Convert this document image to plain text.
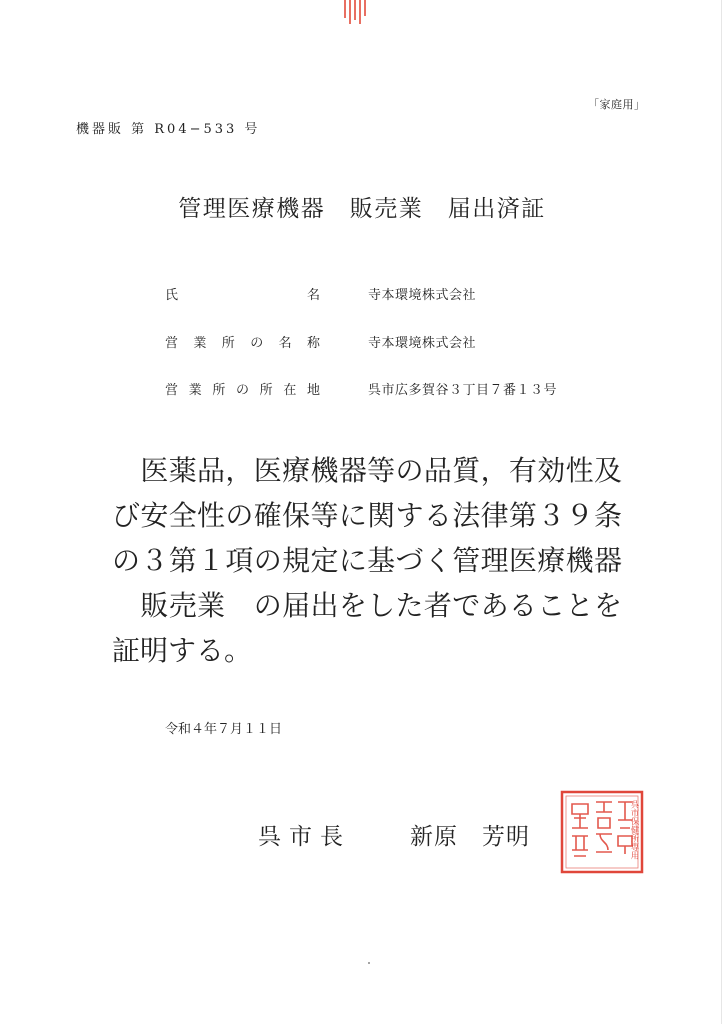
「家庭用」
機器販 第 R04−533 号
管理医療機器　販売業　届出済証
氏名	寺本環境株式会社
営業所の名称	寺本環境株式会社
営業所の所在地	呉市広多賀谷３丁目７番１３号
　医薬品，医療機器等の品質，有効性及
び安全性の確保等に関する法律第３９条
の３第１項の規定に基づく管理医療機器
　販売業　の届出をした者であることを
証明する。
令和４年７月１１日
呉市長	新原　芳明	呉市保健所専用
